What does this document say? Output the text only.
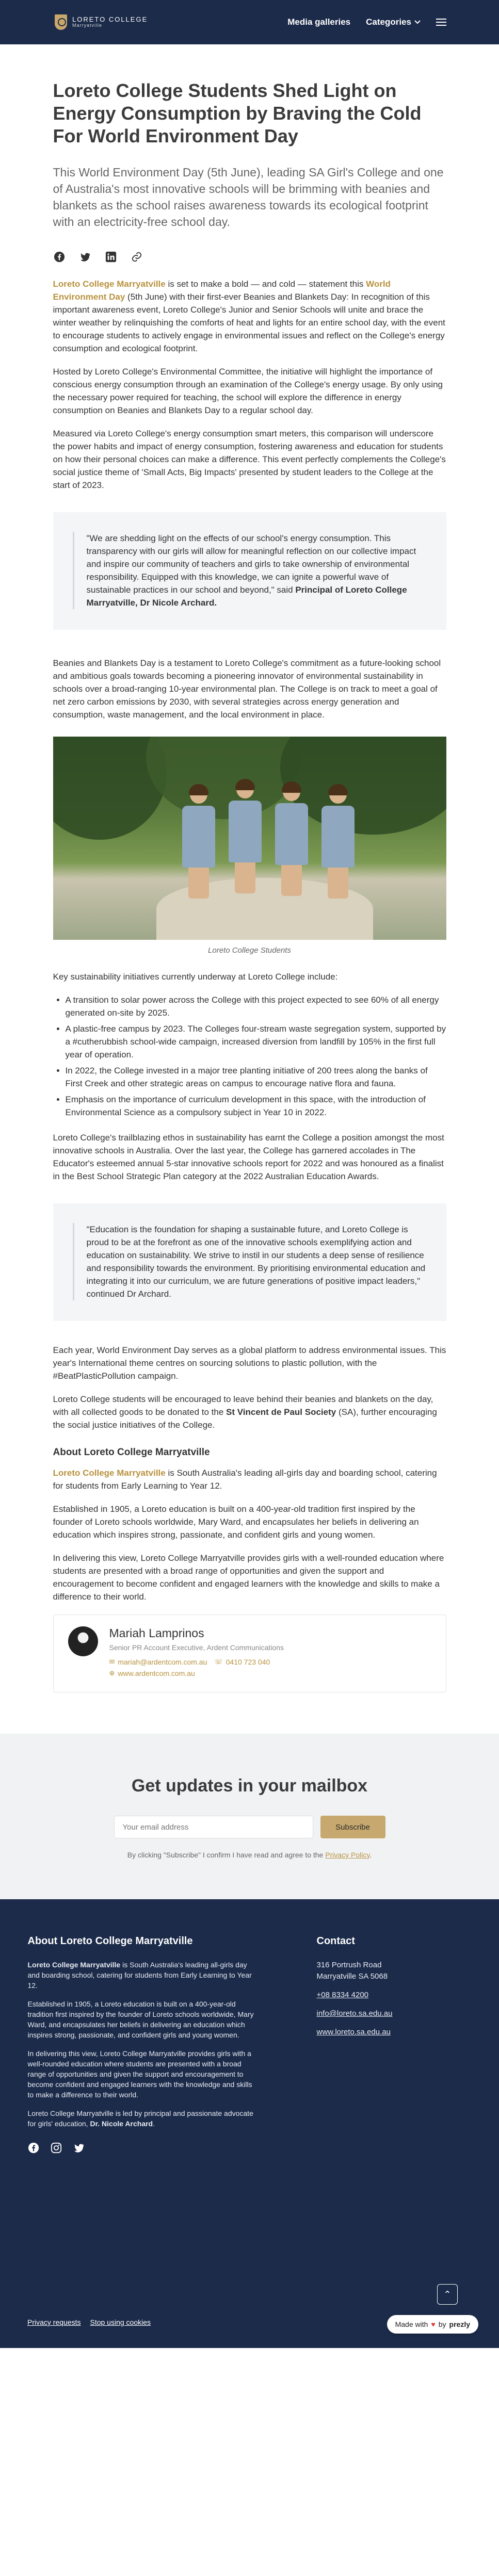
LORETO COLLEGE
Marryatville	Media galleries Categories
Loreto College Students Shed Light on Energy Consumption by Braving the Cold For World Environment Day

This World Environment Day (5th June), leading SA Girl's College and one of Australia's most innovative schools will be brimming with beanies and blankets as the school raises awareness towards its ecological footprint with an electricity-free school day.

Loreto College Marryatville is set to make a bold — and cold — statement this World Environment Day (5th June) with their first-ever Beanies and Blankets Day: In recognition of this important awareness event, Loreto College's Junior and Senior Schools will unite and brace the winter weather by relinquishing the comforts of heat and lights for an entire school day, with the event to encourage students to actively engage in environmental issues and reflect on the College's energy consumption and ecological footprint.

Hosted by Loreto College's Environmental Committee, the initiative will highlight the importance of conscious energy consumption through an examination of the College's energy usage. By only using the necessary power required for teaching, the school will explore the difference in energy consumption on Beanies and Blankets Day to a regular school day.

Measured via Loreto College's energy consumption smart meters, this comparison will underscore the power habits and impact of energy consumption, fostering awareness and education for students on how their personal choices can make a difference. This event perfectly complements the College's social justice theme of 'Small Acts, Big Impacts' presented by student leaders to the College at the start of 2023.

"We are shedding light on the effects of our school's energy consumption. This transparency with our girls will allow for meaningful reflection on our collective impact and inspire our community of teachers and girls to take ownership of environmental responsibility. Equipped with this knowledge, we can ignite a powerful wave of sustainable practices in our school and beyond," said Principal of Loreto College Marryatville, Dr Nicole Archard.

Beanies and Blankets Day is a testament to Loreto College's commitment as a future-looking school and ambitious goals towards becoming a pioneering innovator of environmental sustainability in schools over a broad-ranging 10-year environmental plan. The College is on track to meet a goal of net zero carbon emissions by 2030, with several strategies across energy generation and consumption, waste management, and the local environment in place.

Loreto College Students

Key sustainability initiatives currently underway at Loreto College include:

• A transition to solar power across the College with this project expected to see 60% of all energy generated on-site by 2025.
• A plastic-free campus by 2023. The Colleges four-stream waste segregation system, supported by a #cutherubbish school-wide campaign, increased diversion from landfill by 105% in the first full year of operation.
• In 2022, the College invested in a major tree planting initiative of 200 trees along the banks of First Creek and other strategic areas on campus to encourage native flora and fauna.
• Emphasis on the importance of curriculum development in this space, with the introduction of Environmental Science as a compulsory subject in Year 10 in 2022.

Loreto College's trailblazing ethos in sustainability has earnt the College a position amongst the most innovative schools in Australia. Over the last year, the College has garnered accolades in The Educator's esteemed annual 5-star innovative schools report for 2022 and was honoured as a finalist in the Best School Strategic Plan category at the 2022 Australian Education Awards.

"Education is the foundation for shaping a sustainable future, and Loreto College is proud to be at the forefront as one of the innovative schools exemplifying action and education on sustainability. We strive to instil in our students a deep sense of resilience and responsibility towards the environment. By prioritising environmental education and integrating it into our curriculum, we are future generations of positive impact leaders," continued Dr Archard.

Each year, World Environment Day serves as a global platform to address environmental issues. This year's International theme centres on sourcing solutions to plastic pollution, with the #BeatPlasticPollution campaign.

Loreto College students will be encouraged to leave behind their beanies and blankets on the day, with all collected goods to be donated to the St Vincent de Paul Society (SA), further encouraging the social justice initiatives of the College.

About Loreto College Marryatville

Loreto College Marryatville is South Australia's leading all-girls day and boarding school, catering for students from Early Learning to Year 12.

Established in 1905, a Loreto education is built on a 400-year-old tradition first inspired by the founder of Loreto schools worldwide, Mary Ward, and encapsulates her beliefs in delivering an education which inspires strong, passionate, and confident girls and young women.

In delivering this view, Loreto College Marryatville provides girls with a well-rounded education where students are presented with a broad range of opportunities and given the support and encouragement to become confident and engaged learners with the knowledge and skills to make a difference to their world.

Mariah Lamprinos
Senior PR Account Executive, Ardent Communications
✉ mariah@ardentcom.com.au ☏ 0410 723 040
⊕ www.ardentcom.com.au
Get updates in your mailbox
Your email address
Subscribe

By clicking "Subscribe" I confirm I have read and agree to the Privacy Policy.

About Loreto College Marryatville

Loreto College Marryatville is South Australia's leading all-girls day and boarding school, catering for students from Early Learning to Year 12.

Established in 1905, a Loreto education is built on a 400-year-old tradition first inspired by the founder of Loreto schools worldwide, Mary Ward, and encapsulates her beliefs in delivering an education which inspires strong, passionate, and confident girls and young women.

In delivering this view, Loreto College Marryatville provides girls with a well-rounded education where students are presented with a broad range of opportunities and given the support and encouragement to become confident and engaged learners with the knowledge and skills to make a difference to their world.

Loreto College Marryatville is led by principal and passionate advocate for girls' education, Dr. Nicole Archard.

Contact

316 Portrush Road
Marryatville SA 5068

+08 8334 4200

info@loreto.sa.edu.au

www.loreto.sa.edu.au

Privacy requests Stop using cookies
⌃
Made with ♥ by prezly
